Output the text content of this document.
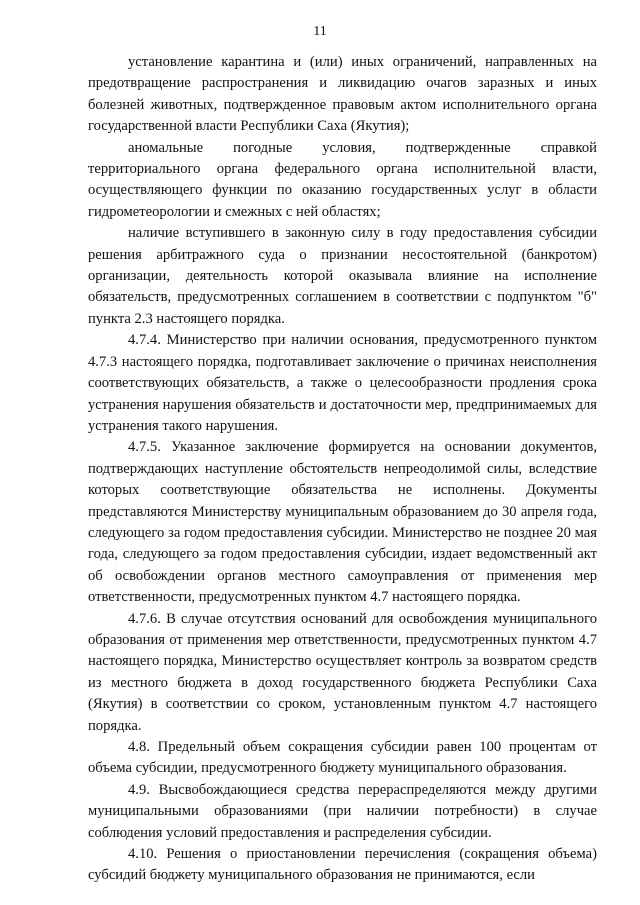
11

установление карантина и (или) иных ограничений, направленных на предотвращение распространения и ликвидацию очагов заразных и иных болезней животных, подтвержденное правовым актом исполнительного органа государственной власти Республики Саха (Якутия);

аномальные погодные условия, подтвержденные справкой территориального органа федерального органа исполнительной власти, осуществляющего функции по оказанию государственных услуг в области гидрометеорологии и смежных с ней областях;

наличие вступившего в законную силу в году предоставления субсидии решения арбитражного суда о признании несостоятельной (банкротом) организации, деятельность которой оказывала влияние на исполнение обязательств, предусмотренных соглашением в соответствии с подпунктом "б" пункта 2.3 настоящего порядка.

4.7.4. Министерство при наличии основания, предусмотренного пунктом 4.7.3 настоящего порядка, подготавливает заключение о причинах неисполнения соответствующих обязательств, а также о целесообразности продления срока устранения нарушения обязательств и достаточности мер, предпринимаемых для устранения такого нарушения.

4.7.5. Указанное заключение формируется на основании документов, подтверждающих наступление обстоятельств непреодолимой силы, вследствие которых соответствующие обязательства не исполнены. Документы представляются Министерству муниципальным образованием до 30 апреля года, следующего за годом предоставления субсидии. Министерство не позднее 20 мая года, следующего за годом предоставления субсидии, издает ведомственный акт об освобождении органов местного самоуправления от применения мер ответственности, предусмотренных пунктом 4.7 настоящего порядка.

4.7.6. В случае отсутствия оснований для освобождения муниципального образования от применения мер ответственности, предусмотренных пунктом 4.7 настоящего порядка, Министерство осуществляет контроль за возвратом средств из местного бюджета в доход государственного бюджета Республики Саха (Якутия) в соответствии со сроком, установленным пунктом 4.7 настоящего порядка.

4.8. Предельный объем сокращения субсидии равен 100 процентам от объема субсидии, предусмотренного бюджету муниципального образования.

4.9. Высвобождающиеся средства перераспределяются между другими муниципальными образованиями (при наличии потребности) в случае соблюдения условий предоставления и распределения субсидии.

4.10. Решения о приостановлении перечисления (сокращения объема) субсидий бюджету муниципального образования не принимаются, если
